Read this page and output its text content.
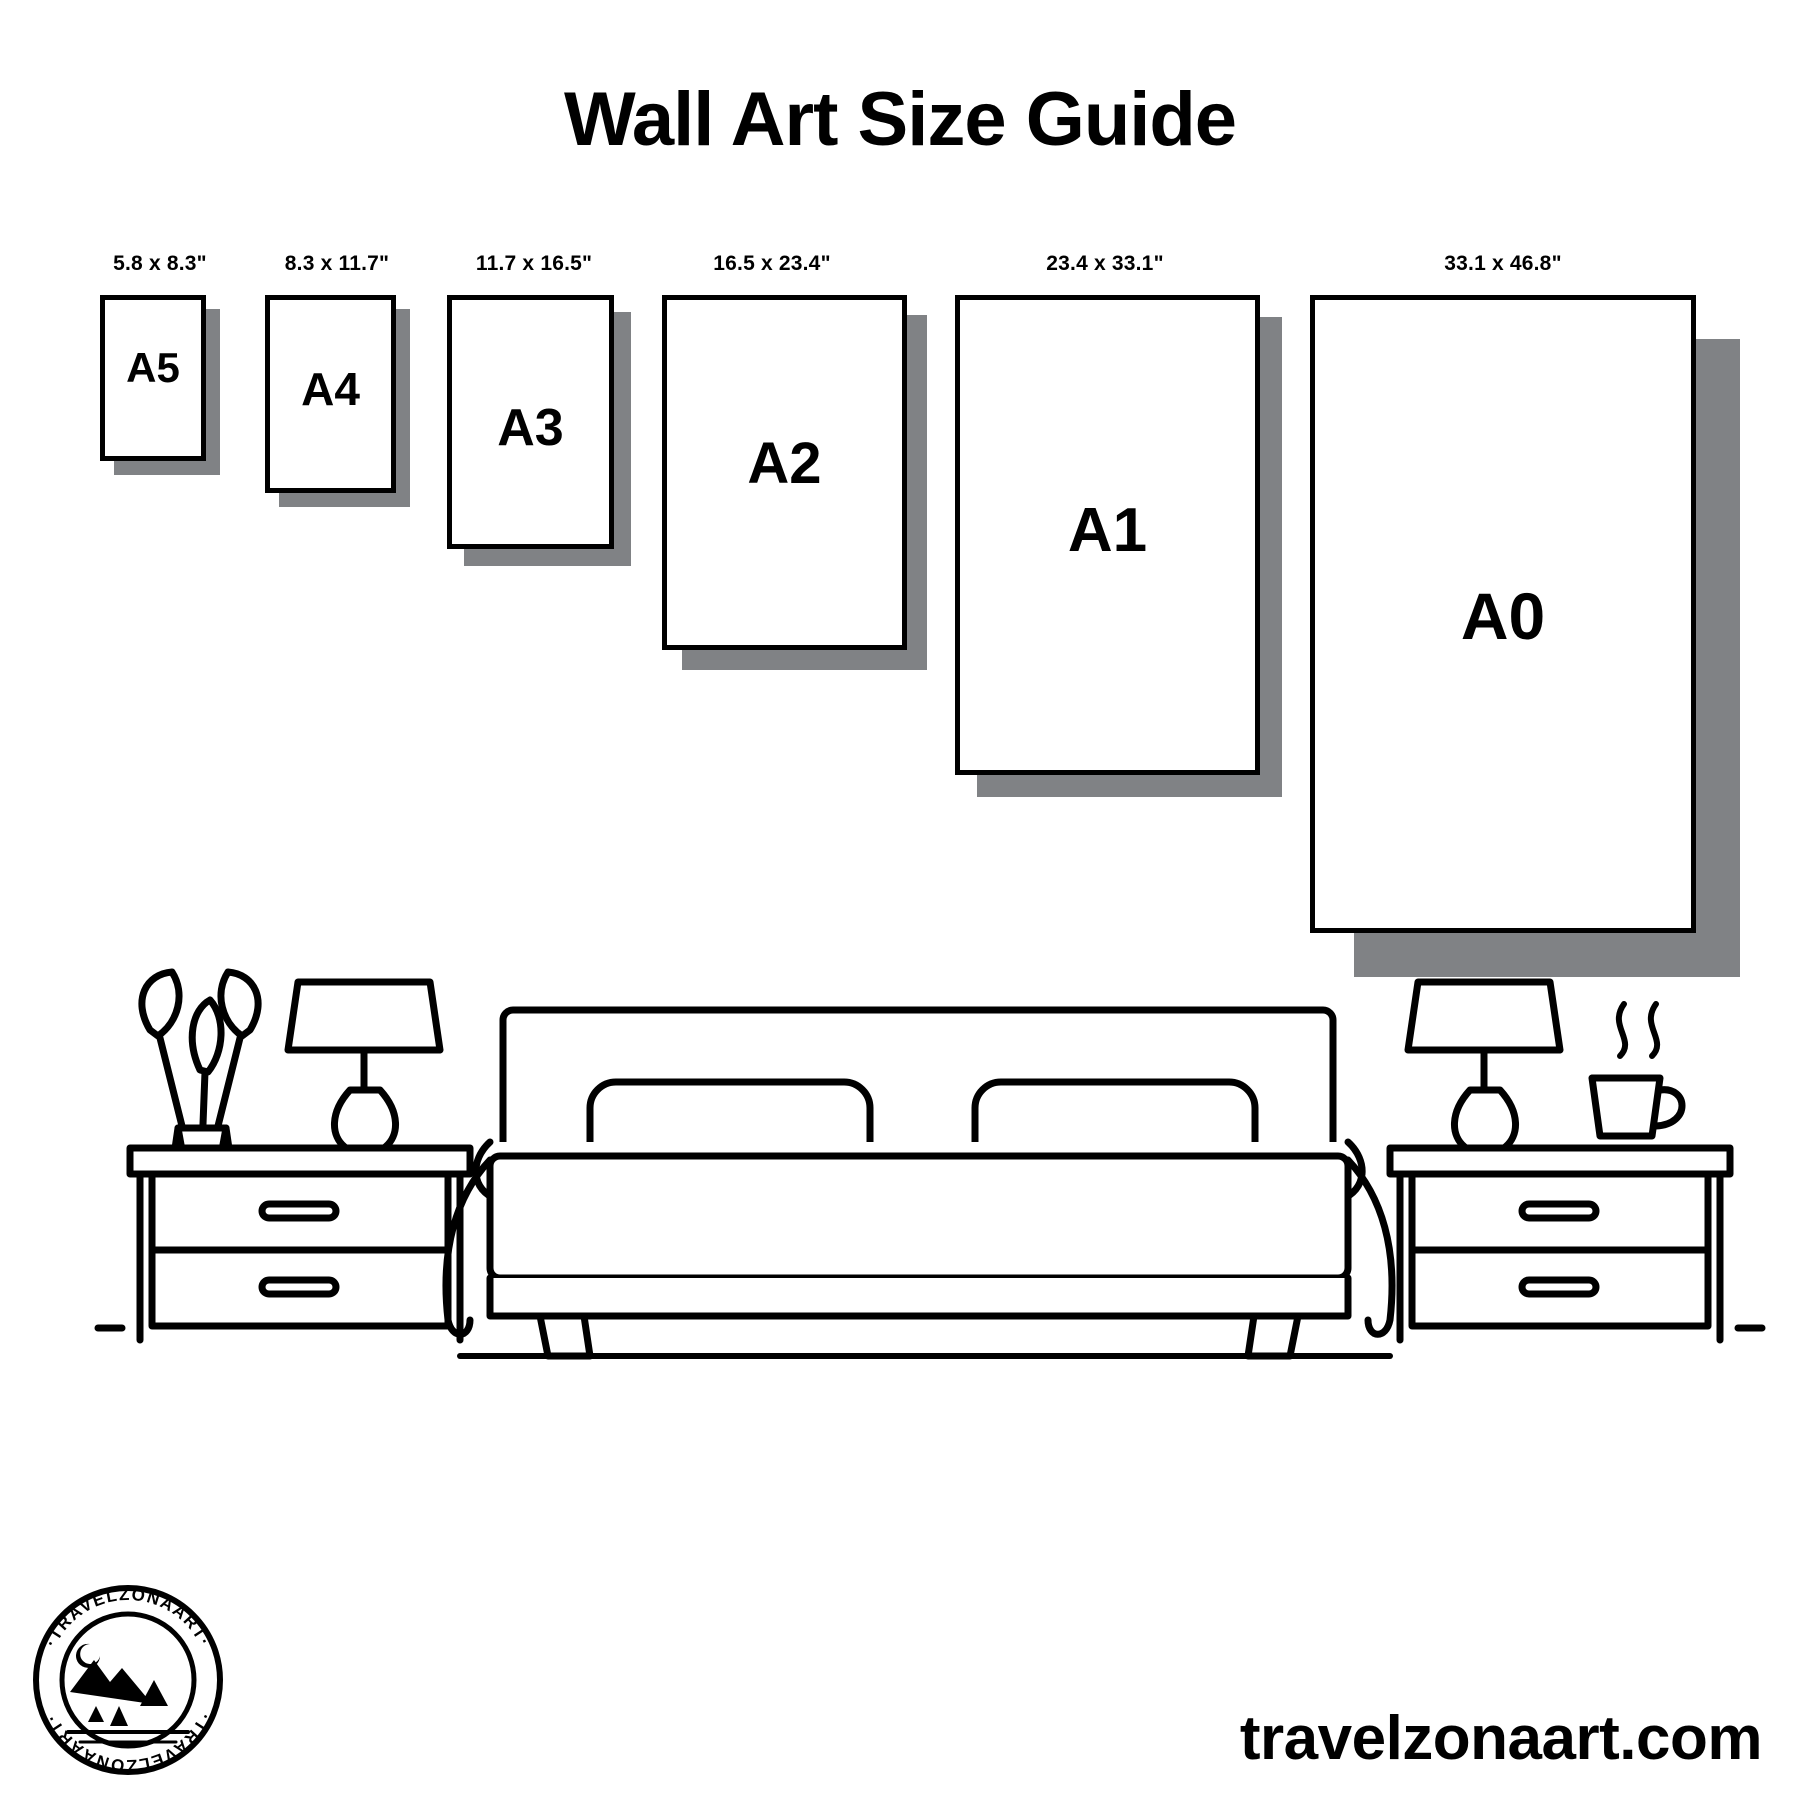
Wall Art Size Guide
5.8 x 8.3"
A5
8.3 x 11.7"
A4
11.7 x 16.5"
A3
16.5 x 23.4"
A2
23.4 x 33.1"
A1
33.1 x 46.8"
A0
·TRAVELZONAART·
·TRAVELZONAART·	travelzonaart.com
